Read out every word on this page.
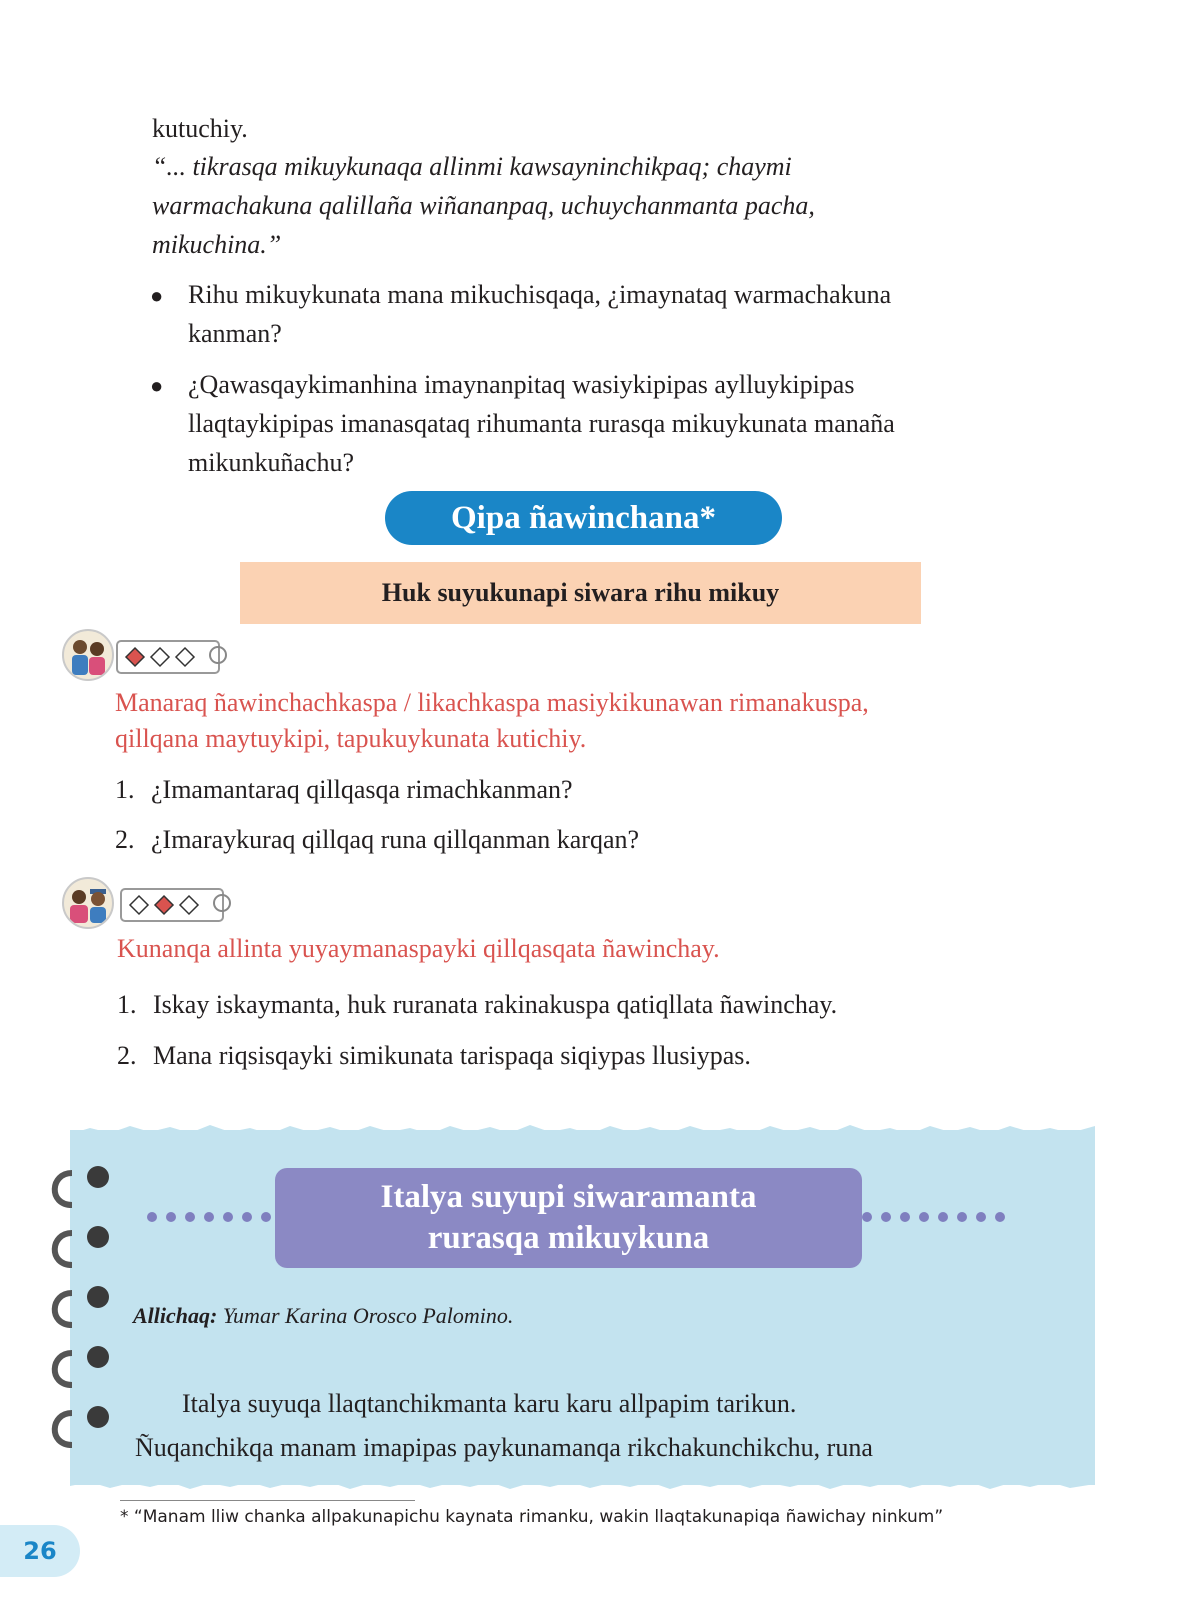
kutuchiy.
“... tikrasqa mikuykunaqa allinmi kawsayninchikpaq; chaymi
warmachakuna qalillaña wiñananpaq, uchuychanmanta pacha,
mikuchina.”
● Rihu mikuykunata mana mikuchisqaqa, ¿imaynataq warmachakuna
kanman?
● ¿Qawasqaykimanhina imaynanpitaq wasiykipipas aylluykipipas
llaqtaykipipas imanasqataq rihumanta rurasqa mikuykunata manaña
mikunkuñachu?
Qipa ñawinchana*
Huk suyukunapi siwara rihu mikuy
Manaraq ñawinchachkaspa / likachkaspa masiykikunawan rimanakuspa,
qillqana maytuykipi, tapukuykunata kutichiy.
1. ¿Imamantaraq qillqasqa rimachkanman?
2. ¿Imaraykuraq qillqaq runa qillqanman karqan?
Kunanqa allinta yuyaymanaspayki qillqasqata ñawinchay.
1. Iskay iskaymanta, huk ruranata rakinakuspa qatiqllata ñawinchay.
2. Mana riqsisqayki simikunata tarispaqa siqiypas llusiypas.
Italya suyupi siwaramanta
rurasqa mikuykuna
Allichaq: Yumar Karina Orosco Palomino.
Italya suyuqa llaqtanchikmanta karu karu allpapim tarikun.
Ñuqanchikqa manam imapipas paykunamanqa rikchakunchikchu, runa
* “Manam lliw chanka allpakunapichu kaynata rimanku, wakin llaqtakunapiqa ñawichay ninkum”
26
